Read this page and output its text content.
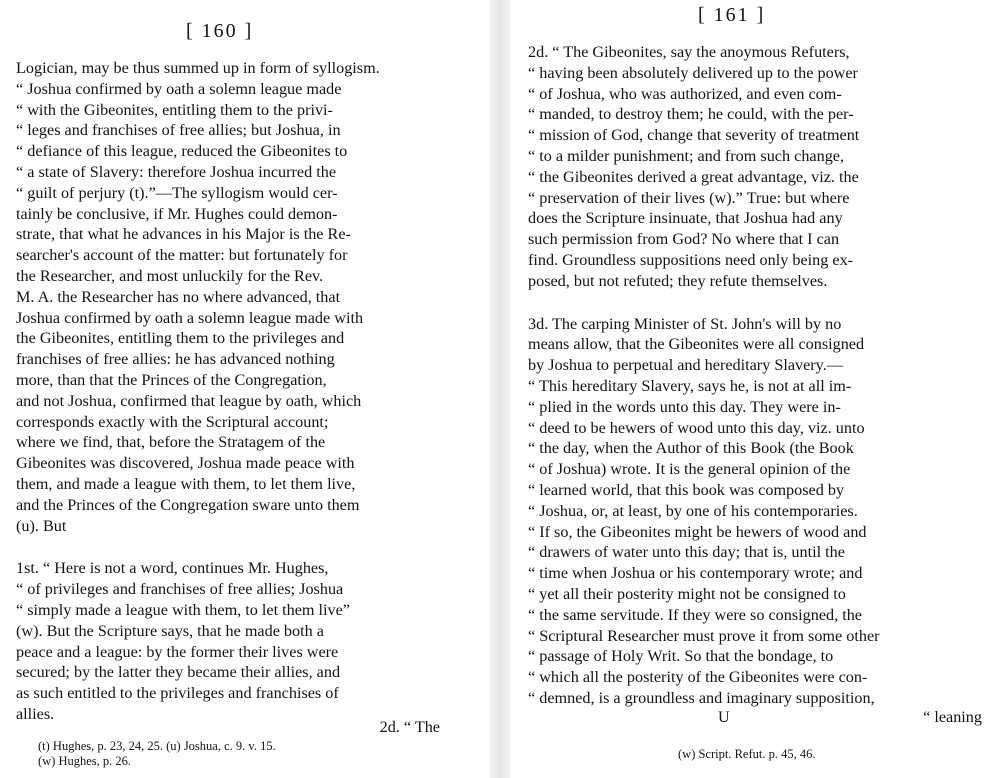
[ 160 ]
Logician, may be thus summed up in form of syllogism.
“ Joshua confirmed by oath a solemn league made
“ with the Gibeonites, entitling them to the privi-
“ leges and franchises of free allies; but Joshua, in
“ defiance of this league, reduced the Gibeonites to
“ a state of Slavery: therefore Joshua incurred the
“ guilt of perjury (t).”—The syllogism would cer-
tainly be conclusive, if Mr. Hughes could demon-
strate, that what he advances in his Major is the Re-
searcher's account of the matter: but fortunately for
the Researcher, and most unluckily for the Rev.
M. A. the Researcher has no where advanced, that
Joshua confirmed by oath a solemn league made with
the Gibeonites, entitling them to the privileges and
franchises of free allies: he has advanced nothing
more, than that the Princes of the Congregation,
and not Joshua, confirmed that league by oath, which
corresponds exactly with the Scriptural account;
where we find, that, before the Stratagem of the
Gibeonites was discovered, Joshua made peace with
them, and made a league with them, to let them live,
and the Princes of the Congregation sware unto them
(u). But
1st. “ Here is not a word, continues Mr. Hughes,
“ of privileges and franchises of free allies; Joshua
“ simply made a league with them, to let them live”
(w). But the Scripture says, that he made both a
peace and a league: by the former their lives were
secured; by the latter they became their allies, and
as such entitled to the privileges and franchises of
allies.
2d. “ The
(t) Hughes, p. 23, 24, 25. (u) Joshua, c. 9. v. 15.
(w) Hughes, p. 26.
[ 161 ]
2d. “ The Gibeonites, say the anoymous Refuters,
“ having been absolutely delivered up to the power
“ of Joshua, who was authorized, and even com-
“ manded, to destroy them; he could, with the per-
“ mission of God, change that severity of treatment
“ to a milder punishment; and from such change,
“ the Gibeonites derived a great advantage, viz. the
“ preservation of their lives (w).” True: but where
does the Scripture insinuate, that Joshua had any
such permission from God? No where that I can
find. Groundless suppositions need only being ex-
posed, but not refuted; they refute themselves.
3d. The carping Minister of St. John's will by no
means allow, that the Gibeonites were all consigned
by Joshua to perpetual and hereditary Slavery.—
“ This hereditary Slavery, says he, is not at all im-
“ plied in the words unto this day. They were in-
“ deed to be hewers of wood unto this day, viz. unto
“ the day, when the Author of this Book (the Book
“ of Joshua) wrote. It is the general opinion of the
“ learned world, that this book was composed by
“ Joshua, or, at least, by one of his contemporaries.
“ If so, the Gibeonites might be hewers of wood and
“ drawers of water unto this day; that is, until the
“ time when Joshua or his contemporary wrote; and
“ yet all their posterity might not be consigned to
“ the same servitude. If they were so consigned, the
“ Scriptural Researcher must prove it from some other
“ passage of Holy Writ. So that the bondage, to
“ which all the posterity of the Gibeonites were con-
“ demned, is a groundless and imaginary supposition,
U	“ leaning
(w) Script. Refut. p. 45, 46.
